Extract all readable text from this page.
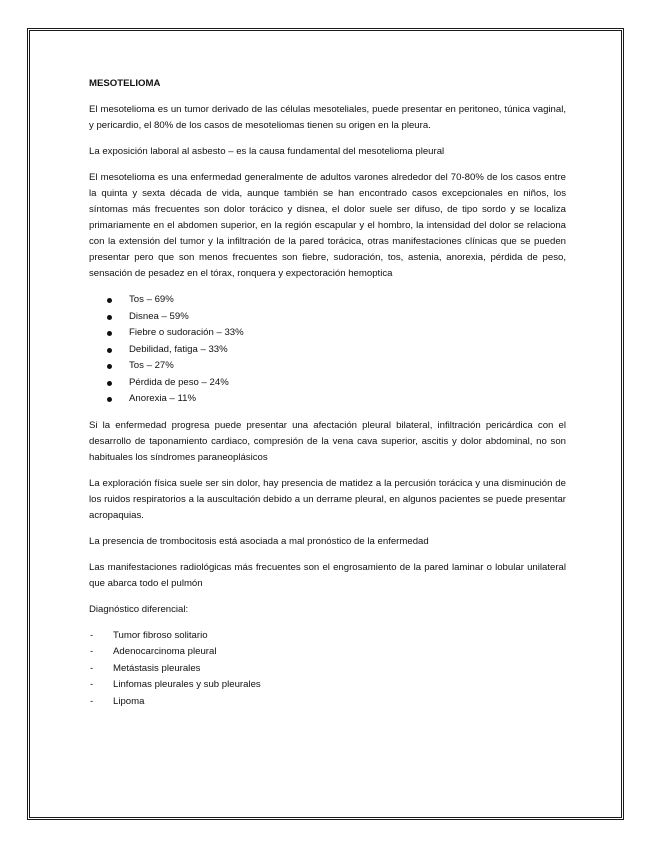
MESOTELIOMA

El mesotelioma es un tumor derivado de las células mesoteliales, puede presentar en peritoneo, túnica vaginal, y pericardio, el 80% de los casos de mesoteliomas tienen su origen en la pleura.

La exposición laboral al asbesto – es la causa fundamental del mesotelioma pleural

El mesotelioma es una enfermedad generalmente de adultos varones alrededor del 70-80% de los casos entre la quinta y sexta década de vida, aunque también se han encontrado casos excepcionales en niños, los síntomas más frecuentes son dolor torácico y disnea, el dolor suele ser difuso, de tipo sordo y se localiza primariamente en el abdomen superior, en la región escapular y el hombro, la intensidad del dolor se relaciona con la extensión del tumor y la infiltración de la pared torácica, otras manifestaciones clínicas que se pueden presentar pero que son menos frecuentes son fiebre, sudoración, tos, astenia, anorexia, pérdida de peso, sensación de pesadez en el tórax, ronquera y expectoración hemoptica

Tos – 69%
Disnea – 59%
Fiebre o sudoración – 33%
Debilidad, fatiga – 33%
Tos – 27%
Pérdida de peso – 24%
Anorexia – 11%

Si la enfermedad progresa puede presentar una afectación pleural bilateral, infiltración pericárdica con el desarrollo de taponamiento cardiaco, compresión de la vena cava superior, ascitis y dolor abdominal, no son habituales los síndromes paraneoplásicos

La exploración física suele ser sin dolor, hay presencia de matidez a la percusión torácica y una disminución de los ruidos respiratorios a la auscultación debido a un derrame pleural, en algunos pacientes se puede presentar acropaquias.

La presencia de trombocitosis está asociada a mal pronóstico de la enfermedad

Las manifestaciones radiológicas más frecuentes son el engrosamiento de la pared laminar o lobular unilateral que abarca todo el pulmón

Diagnóstico diferencial:

- Tumor fibroso solitario
- Adenocarcinoma pleural
- Metástasis pleurales
- Linfomas pleurales y sub pleurales
- Lipoma
